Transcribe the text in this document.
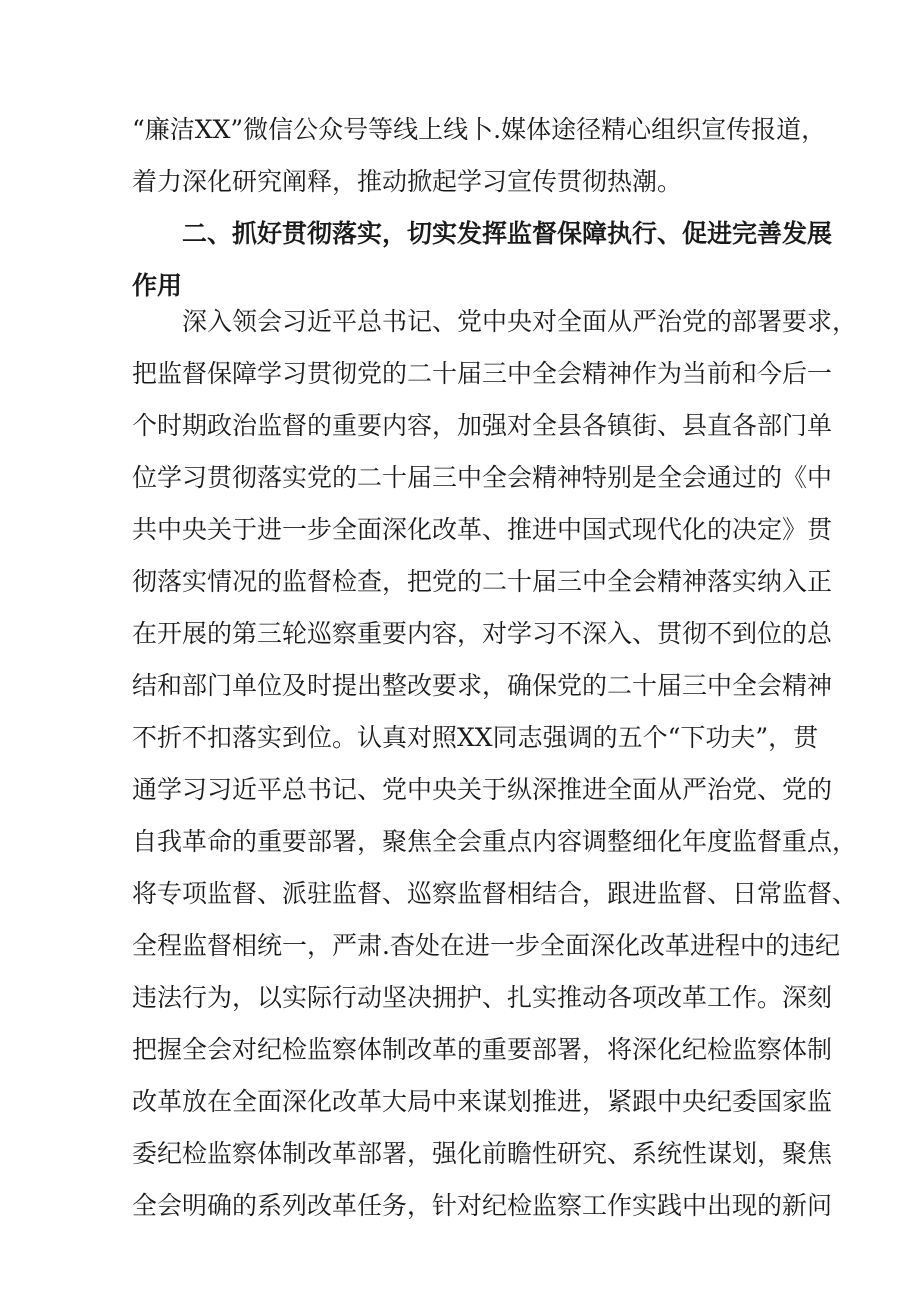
“廉洁XX”微信公众号等线上线卜.媒体途径精心组织宣传报道，
着力深化研究阐释，推动掀起学习宣传贯彻热潮。
二、抓好贯彻落实，切实发挥监督保障执行、促进完善发展
作用
深入领会习近平总书记、党中央对全面从严治党的部署要求，
把监督保障学习贯彻党的二十届三中全会精神作为当前和今后一
个时期政治监督的重要内容，加强对全县各镇街、县直各部门单
位学习贯彻落实党的二十届三中全会精神特别是全会通过的《中
共中央关于进一步全面深化改革、推进中国式现代化的决定》贯
彻落实情况的监督检查，把党的二十届三中全会精神落实纳入正
在开展的第三轮巡察重要内容，对学习不深入、贯彻不到位的总
结和部门单位及时提出整改要求，确保党的二十届三中全会精神
不折不扣落实到位。认真对照XX同志强调的五个“下功夫”，贯
通学习习近平总书记、党中央关于纵深推进全面从严治党、党的
自我革命的重要部署，聚焦全会重点内容调整细化年度监督重点，
将专项监督、派驻监督、巡察监督相结合，跟进监督、日常监督、
全程监督相统一，严肃.杳处在进一步全面深化改革进程中的违纪
违法行为，以实际行动坚决拥护、扎实推动各项改革工作。深刻
把握全会对纪检监察体制改革的重要部署，将深化纪检监察体制
改革放在全面深化改革大局中来谋划推进，紧跟中央纪委国家监
委纪检监察体制改革部署，强化前瞻性研究、系统性谋划，聚焦
全会明确的系列改革任务，针对纪检监察工作实践中出现的新问
